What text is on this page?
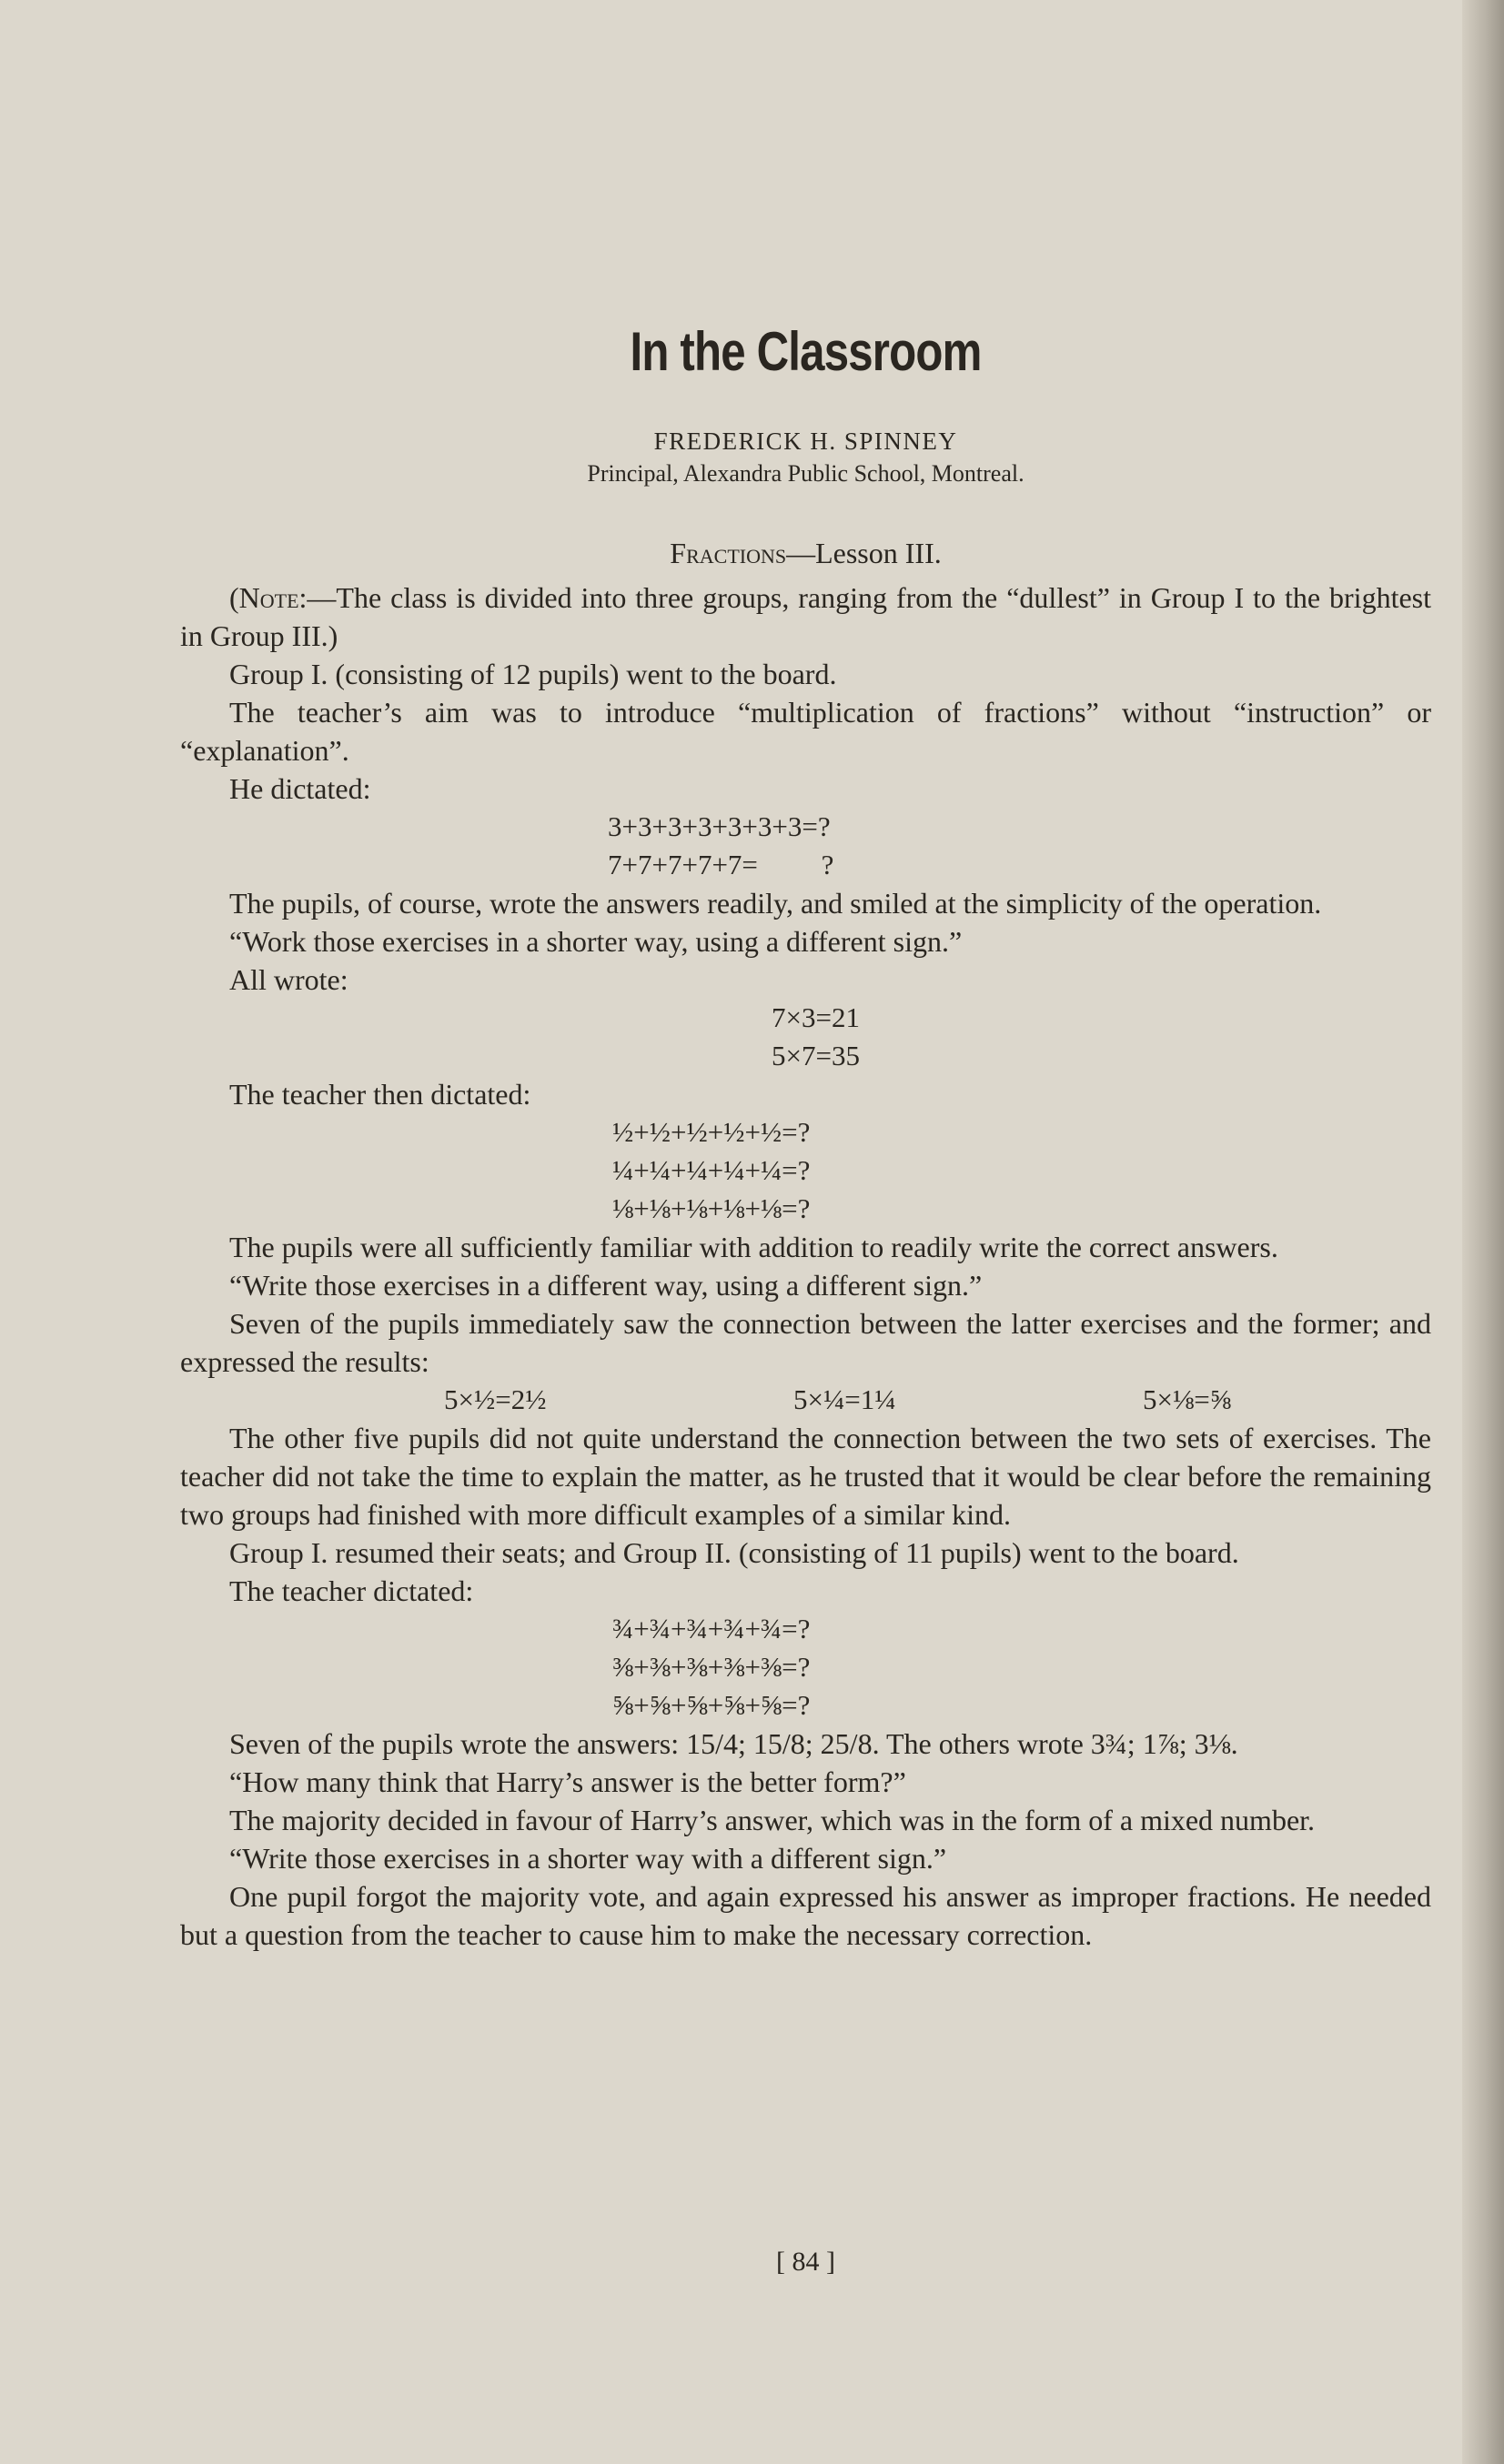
In the Classroom
FREDERICK H. SPINNEY
Principal, Alexandra Public School, Montreal.
Fractions—Lesson III.

(Note:—The class is divided into three groups, ranging from the “dullest” in Group I to the brightest in Group III.)

Group I. (consisting of 12 pupils) went to the board.

The teacher’s aim was to introduce “multiplication of fractions” without “instruction” or “explanation”.

He dictated:

3+3+3+3+3+3+3=?
7+7+7+7+7=         ?

The pupils, of course, wrote the answers readily, and smiled at the simplicity of the operation.

“Work those exercises in a shorter way, using a different sign.”

All wrote:

7×3=21
5×7=35

The teacher then dictated:

½+½+½+½+½=?
¼+¼+¼+¼+¼=?
⅛+⅛+⅛+⅛+⅛=?

The pupils were all sufficiently familiar with addition to readily write the correct answers.

“Write those exercises in a different way, using a different sign.”

Seven of the pupils immediately saw the connection between the latter exercises and the former; and expressed the results:

5×½=2½	5×¼=1¼	5×⅛=⅝

The other five pupils did not quite understand the connection between the two sets of exercises. The teacher did not take the time to explain the matter, as he trusted that it would be clear before the remaining two groups had finished with more difficult examples of a similar kind.

Group I. resumed their seats; and Group II. (consisting of 11 pupils) went to the board.

The teacher dictated:

¾+¾+¾+¾+¾=?
⅜+⅜+⅜+⅜+⅜=?
⅝+⅝+⅝+⅝+⅝=?

Seven of the pupils wrote the answers: 15/4; 15/8; 25/8. The others wrote 3¾; 1⅞; 3⅛.

“How many think that Harry’s answer is the better form?”

The majority decided in favour of Harry’s answer, which was in the form of a mixed number.

“Write those exercises in a shorter way with a different sign.”

One pupil forgot the majority vote, and again expressed his answer as improper fractions. He needed but a question from the teacher to cause him to make the necessary correction.

[ 84 ]
